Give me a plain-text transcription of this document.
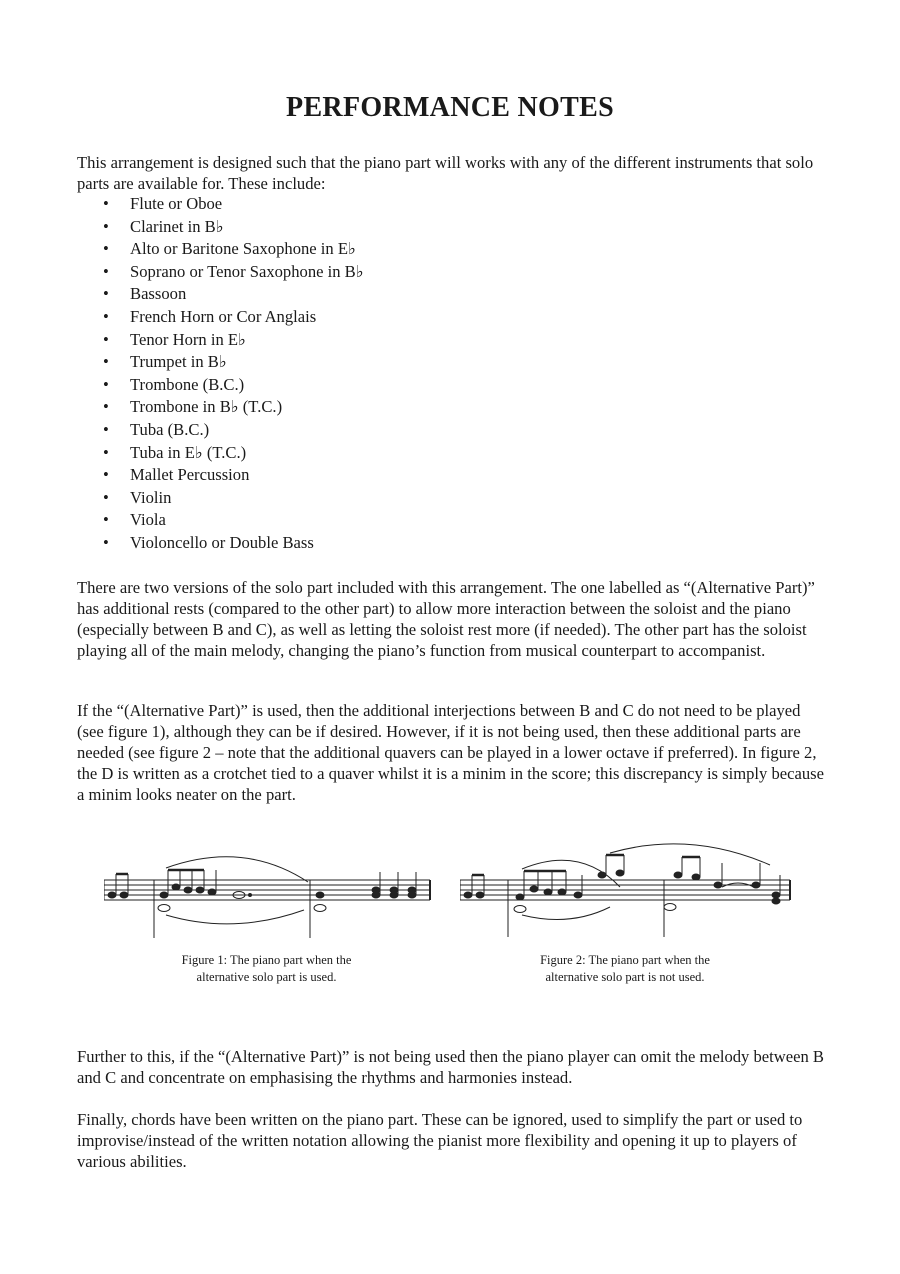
PERFORMANCE NOTES

This arrangement is designed such that the piano part will works with any of the different instruments that solo parts are available for. These include:

• Flute or Oboe
• Clarinet in B♭
• Alto or Baritone Saxophone in E♭
• Soprano or Tenor Saxophone in B♭
• Bassoon
• French Horn or Cor Anglais
• Tenor Horn in E♭
• Trumpet in B♭
• Trombone (B.C.)
• Trombone in B♭ (T.C.)
• Tuba (B.C.)
• Tuba in E♭ (T.C.)
• Mallet Percussion
• Violin
• Viola
• Violoncello or Double Bass

There are two versions of the solo part included with this arrangement. The one labelled as “(Alternative Part)” has additional rests (compared to the other part) to allow more interaction between the soloist and the piano (especially between B and C), as well as letting the soloist rest more (if needed). The other part has the soloist playing all of the main melody, changing the piano’s function from musical counterpart to accompanist.

If the “(Alternative Part)” is used, then the additional interjections between B and C do not need to be played (see figure 1), although they can be if desired. However, if it is not being used, then these additional parts are needed (see figure 2 – note that the additional quavers can be played in a lower octave if preferred). In figure 2, the D is written as a crotchet tied to a quaver whilst it is a minim in the score; this discrepancy is simply because a minim looks neater on the part.

Figure 1: The piano part when the
alternative solo part is used.
Figure 2: The piano part when the
alternative solo part is not used.

Further to this, if the “(Alternative Part)” is not being used then the piano player can omit the melody between B and C and concentrate on emphasising the rhythms and harmonies instead.

Finally, chords have been written on the piano part. These can be ignored, used to simplify the part or used to improvise/instead of the written notation allowing the pianist more flexibility and opening it up to players of various abilities.
